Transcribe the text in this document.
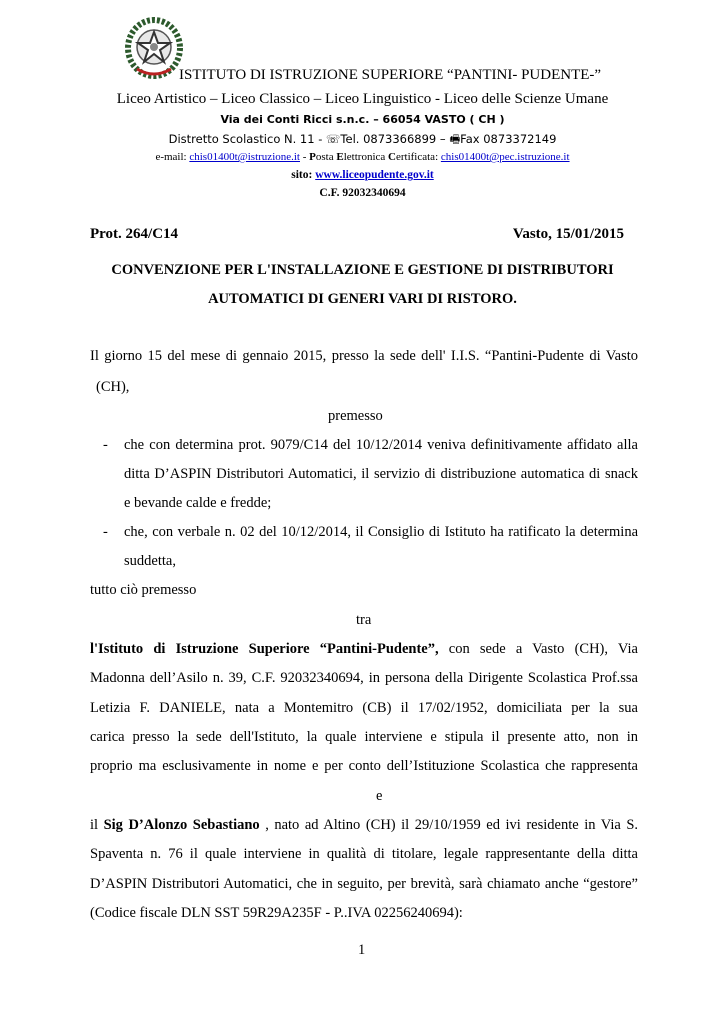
ISTITUTO DI ISTRUZIONE SUPERIORE “PANTINI- PUDENTE-”
Liceo Artistico – Liceo Classico – Liceo Linguistico - Liceo delle Scienze Umane
Via dei Conti Ricci s.n.c. – 66054 VASTO ( CH )
Distretto Scolastico N. 11 - ☏Tel. 0873366899 – 🖷Fax 0873372149
e-mail: chis01400t@istruzione.it - Posta Elettronica Certificata: chis01400t@pec.istruzione.it
sito: www.liceopudente.gov.it
C.F. 92032340694
Prot. 264/C14	Vasto, 15/01/2015
CONVENZIONE PER L'INSTALLAZIONE E GESTIONE DI DISTRIBUTORI
AUTOMATICI DI GENERI VARI DI RISTORO.
Il giorno 15 del mese di gennaio 2015, presso la sede dell' I.I.S. “Pantini-Pudente di Vasto
(CH),
premesso
- che con determina prot. 9079/C14 del 10/12/2014 veniva definitivamente affidato alla
ditta D’ASPIN Distributori Automatici, il servizio di distribuzione automatica di snack
e bevande calde e fredde;
- che, con verbale n. 02 del 10/12/2014, il Consiglio di Istituto ha ratificato la determina
suddetta,
tutto ciò premesso
tra
l'Istituto di Istruzione Superiore “Pantini-Pudente”, con sede a Vasto (CH), Via
Madonna dell’Asilo n. 39, C.F. 92032340694, in persona della Dirigente Scolastica Prof.ssa
Letizia F. DANIELE, nata a Montemitro (CB) il 17/02/1952, domiciliata per la sua
carica presso la sede dell'Istituto, la quale interviene e stipula il presente atto, non in
proprio ma esclusivamente in nome e per conto dell’Istituzione Scolastica che rappresenta
e
il Sig D’Alonzo Sebastiano , nato ad Altino (CH) il 29/10/1959 ed ivi residente in Via S.
Spaventa n. 76 il quale interviene in qualità di titolare, legale rappresentante della ditta
D’ASPIN Distributori Automatici, che in seguito, per brevità, sarà chiamato anche “gestore”
(Codice fiscale DLN SST 59R29A235F - P..IVA 02256240694):
1
